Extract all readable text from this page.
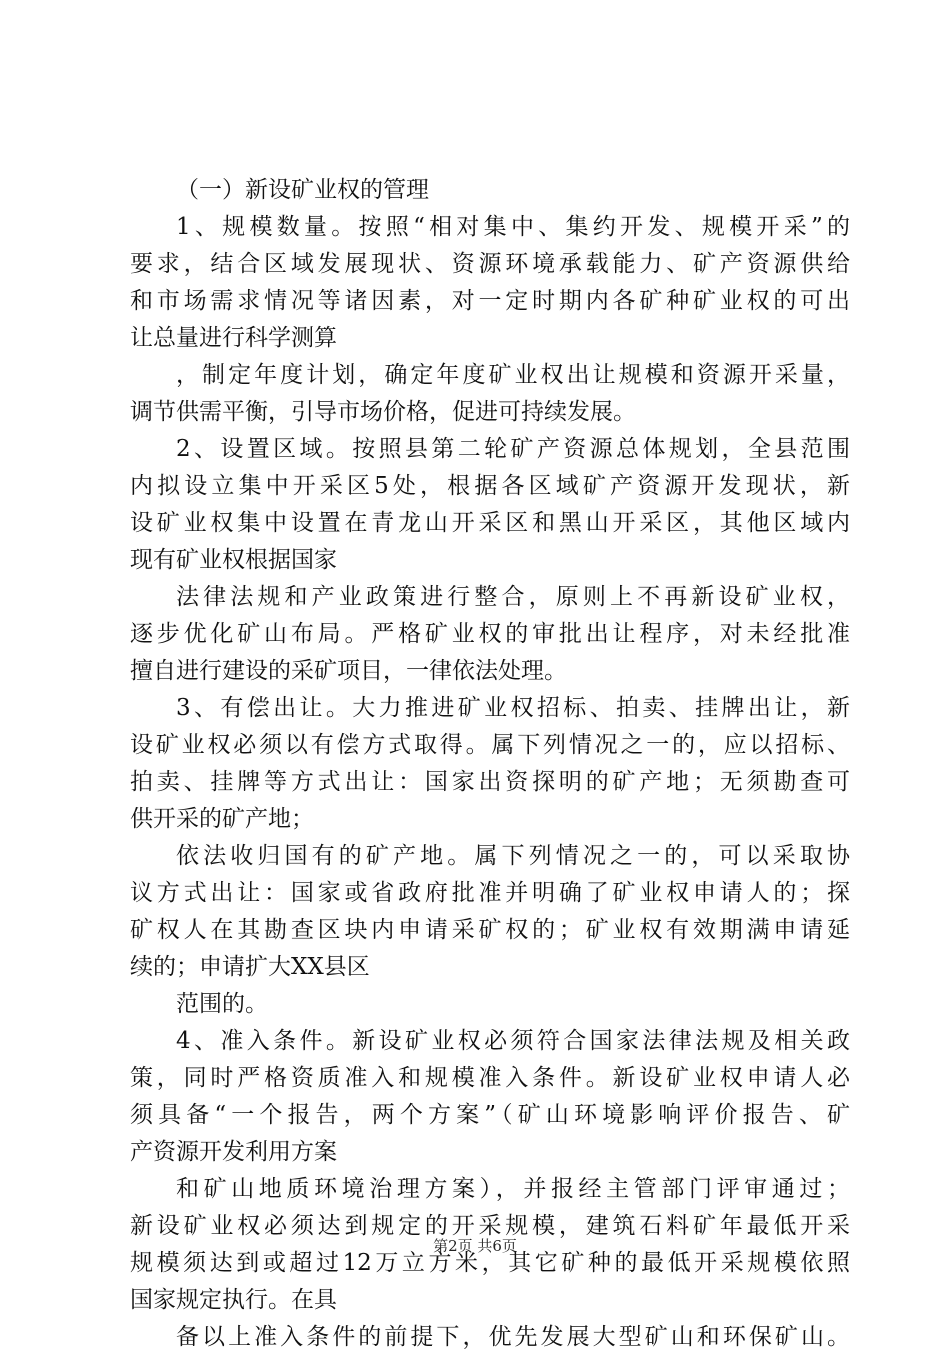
（一）新设矿业权的管理
1、规模数量。按照“相对集中、集约开发、规模开采”的
要求，结合区域发展现状、资源环境承载能力、矿产资源供给
和市场需求情况等诸因素，对一定时期内各矿种矿业权的可出
让总量进行科学测算
，制定年度计划，确定年度矿业权出让规模和资源开采量，
调节供需平衡，引导市场价格，促进可持续发展。
2、设置区域。按照县第二轮矿产资源总体规划，全县范围
内拟设立集中开采区5处，根据各区域矿产资源开发现状，新
设矿业权集中设置在青龙山开采区和黑山开采区，其他区域内
现有矿业权根据国家
法律法规和产业政策进行整合，原则上不再新设矿业权，
逐步优化矿山布局。严格矿业权的审批出让程序，对未经批准
擅自进行建设的采矿项目，一律依法处理。
3、有偿出让。大力推进矿业权招标、拍卖、挂牌出让，新
设矿业权必须以有偿方式取得。属下列情况之一的，应以招标、
拍卖、挂牌等方式出让：国家出资探明的矿产地；无须勘查可
供开采的矿产地；
依法收归国有的矿产地。属下列情况之一的，可以采取协
议方式出让：国家或省政府批准并明确了矿业权申请人的；探
矿权人在其勘查区块内申请采矿权的；矿业权有效期满申请延
续的；申请扩大XX县区
范围的。
4、准入条件。新设矿业权必须符合国家法律法规及相关政
策，同时严格资质准入和规模准入条件。新设矿业权申请人必
须具备“一个报告，两个方案”（矿山环境影响评价报告、矿
产资源开发利用方案
和矿山地质环境治理方案），并报经主管部门评审通过；
新设矿业权必须达到规定的开采规模，建筑石料矿年最低开采
规模须达到或超过12万立方米，其它矿种的最低开采规模依照
国家规定执行。在具
备以上准入条件的前提下，优先发展大型矿山和环保矿山。
第2页 共6页
